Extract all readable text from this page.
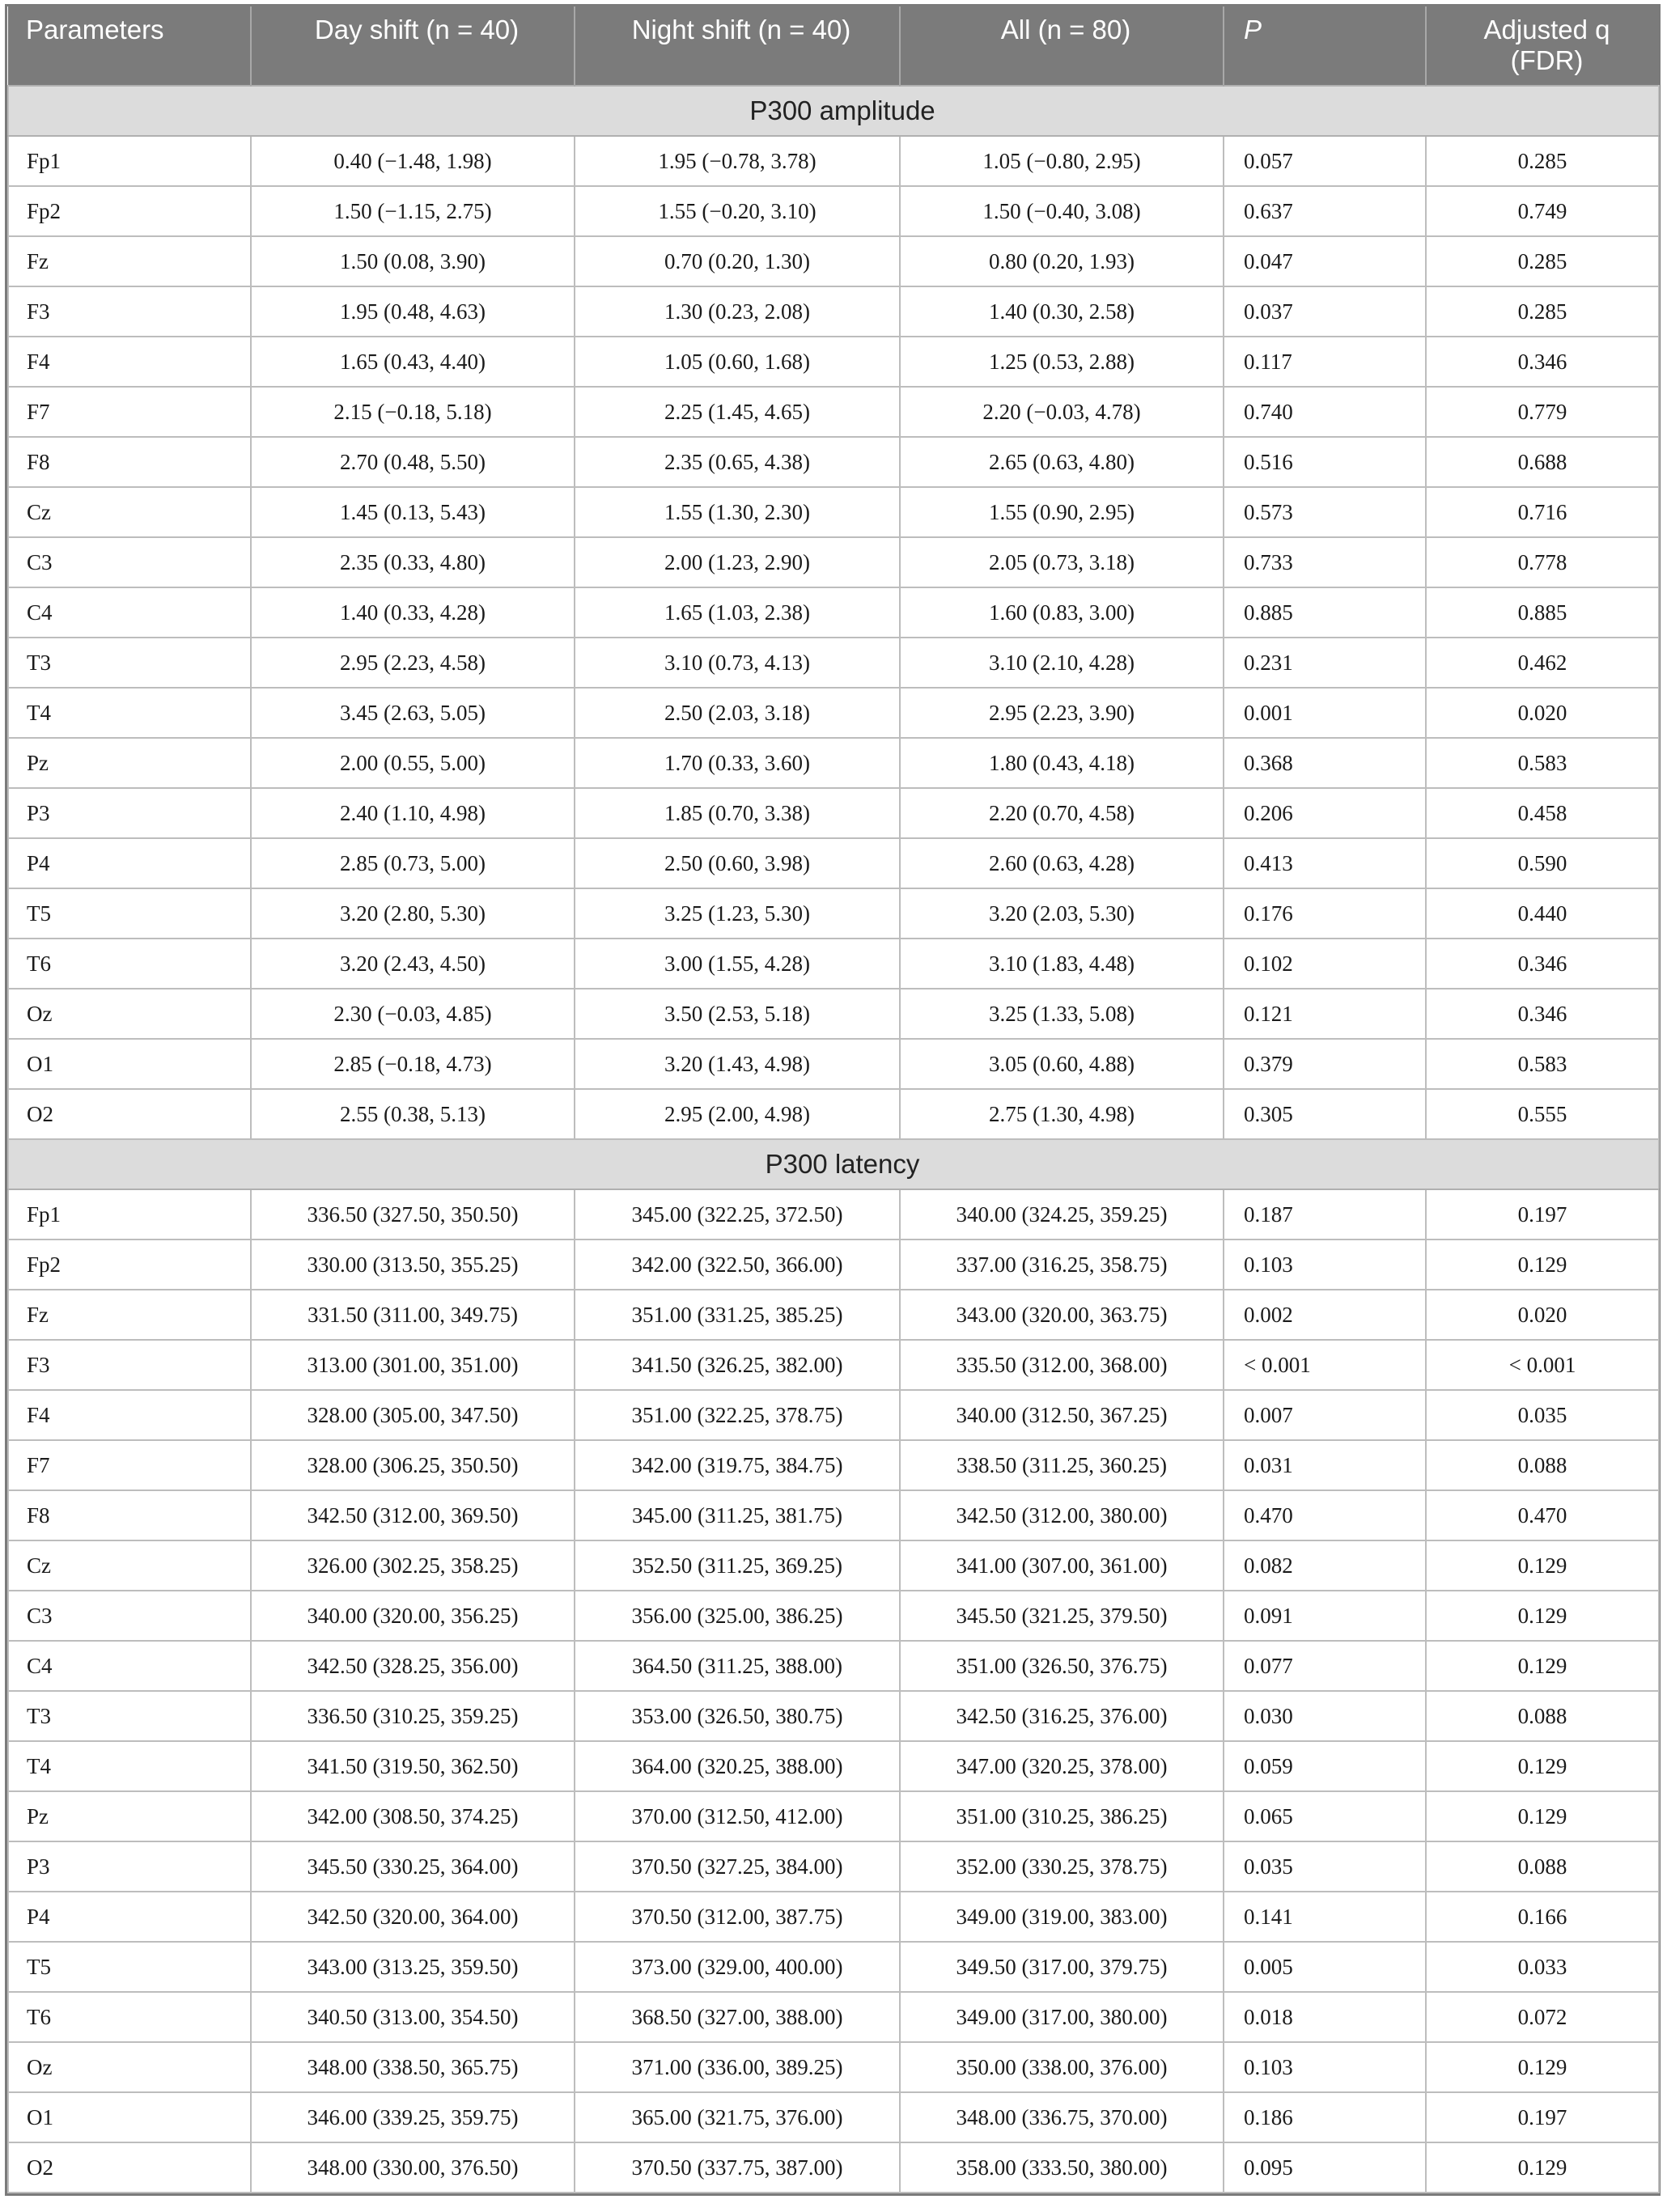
Parameters	Day shift (n = 40)	Night shift (n = 40)	All (n = 80)	P	Adjusted q
(FDR)
P300 amplitude					
Fp1	0.40 (−1.48, 1.98)	1.95 (−0.78, 3.78)	1.05 (−0.80, 2.95)	0.057	0.285
Fp2	1.50 (−1.15, 2.75)	1.55 (−0.20, 3.10)	1.50 (−0.40, 3.08)	0.637	0.749
Fz	1.50 (0.08, 3.90)	0.70 (0.20, 1.30)	0.80 (0.20, 1.93)	0.047	0.285
F3	1.95 (0.48, 4.63)	1.30 (0.23, 2.08)	1.40 (0.30, 2.58)	0.037	0.285
F4	1.65 (0.43, 4.40)	1.05 (0.60, 1.68)	1.25 (0.53, 2.88)	0.117	0.346
F7	2.15 (−0.18, 5.18)	2.25 (1.45, 4.65)	2.20 (−0.03, 4.78)	0.740	0.779
F8	2.70 (0.48, 5.50)	2.35 (0.65, 4.38)	2.65 (0.63, 4.80)	0.516	0.688
Cz	1.45 (0.13, 5.43)	1.55 (1.30, 2.30)	1.55 (0.90, 2.95)	0.573	0.716
C3	2.35 (0.33, 4.80)	2.00 (1.23, 2.90)	2.05 (0.73, 3.18)	0.733	0.778
C4	1.40 (0.33, 4.28)	1.65 (1.03, 2.38)	1.60 (0.83, 3.00)	0.885	0.885
T3	2.95 (2.23, 4.58)	3.10 (0.73, 4.13)	3.10 (2.10, 4.28)	0.231	0.462
T4	3.45 (2.63, 5.05)	2.50 (2.03, 3.18)	2.95 (2.23, 3.90)	0.001	0.020
Pz	2.00 (0.55, 5.00)	1.70 (0.33, 3.60)	1.80 (0.43, 4.18)	0.368	0.583
P3	2.40 (1.10, 4.98)	1.85 (0.70, 3.38)	2.20 (0.70, 4.58)	0.206	0.458
P4	2.85 (0.73, 5.00)	2.50 (0.60, 3.98)	2.60 (0.63, 4.28)	0.413	0.590
T5	3.20 (2.80, 5.30)	3.25 (1.23, 5.30)	3.20 (2.03, 5.30)	0.176	0.440
T6	3.20 (2.43, 4.50)	3.00 (1.55, 4.28)	3.10 (1.83, 4.48)	0.102	0.346
Oz	2.30 (−0.03, 4.85)	3.50 (2.53, 5.18)	3.25 (1.33, 5.08)	0.121	0.346
O1	2.85 (−0.18, 4.73)	3.20 (1.43, 4.98)	3.05 (0.60, 4.88)	0.379	0.583
O2	2.55 (0.38, 5.13)	2.95 (2.00, 4.98)	2.75 (1.30, 4.98)	0.305	0.555
P300 latency					
Fp1	336.50 (327.50, 350.50)	345.00 (322.25, 372.50)	340.00 (324.25, 359.25)	0.187	0.197
Fp2	330.00 (313.50, 355.25)	342.00 (322.50, 366.00)	337.00 (316.25, 358.75)	0.103	0.129
Fz	331.50 (311.00, 349.75)	351.00 (331.25, 385.25)	343.00 (320.00, 363.75)	0.002	0.020
F3	313.00 (301.00, 351.00)	341.50 (326.25, 382.00)	335.50 (312.00, 368.00)	< 0.001	< 0.001
F4	328.00 (305.00, 347.50)	351.00 (322.25, 378.75)	340.00 (312.50, 367.25)	0.007	0.035
F7	328.00 (306.25, 350.50)	342.00 (319.75, 384.75)	338.50 (311.25, 360.25)	0.031	0.088
F8	342.50 (312.00, 369.50)	345.00 (311.25, 381.75)	342.50 (312.00, 380.00)	0.470	0.470
Cz	326.00 (302.25, 358.25)	352.50 (311.25, 369.25)	341.00 (307.00, 361.00)	0.082	0.129
C3	340.00 (320.00, 356.25)	356.00 (325.00, 386.25)	345.50 (321.25, 379.50)	0.091	0.129
C4	342.50 (328.25, 356.00)	364.50 (311.25, 388.00)	351.00 (326.50, 376.75)	0.077	0.129
T3	336.50 (310.25, 359.25)	353.00 (326.50, 380.75)	342.50 (316.25, 376.00)	0.030	0.088
T4	341.50 (319.50, 362.50)	364.00 (320.25, 388.00)	347.00 (320.25, 378.00)	0.059	0.129
Pz	342.00 (308.50, 374.25)	370.00 (312.50, 412.00)	351.00 (310.25, 386.25)	0.065	0.129
P3	345.50 (330.25, 364.00)	370.50 (327.25, 384.00)	352.00 (330.25, 378.75)	0.035	0.088
P4	342.50 (320.00, 364.00)	370.50 (312.00, 387.75)	349.00 (319.00, 383.00)	0.141	0.166
T5	343.00 (313.25, 359.50)	373.00 (329.00, 400.00)	349.50 (317.00, 379.75)	0.005	0.033
T6	340.50 (313.00, 354.50)	368.50 (327.00, 388.00)	349.00 (317.00, 380.00)	0.018	0.072
Oz	348.00 (338.50, 365.75)	371.00 (336.00, 389.25)	350.00 (338.00, 376.00)	0.103	0.129
O1	346.00 (339.25, 359.75)	365.00 (321.75, 376.00)	348.00 (336.75, 370.00)	0.186	0.197
O2	348.00 (330.00, 376.50)	370.50 (337.75, 387.00)	358.00 (333.50, 380.00)	0.095	0.129
